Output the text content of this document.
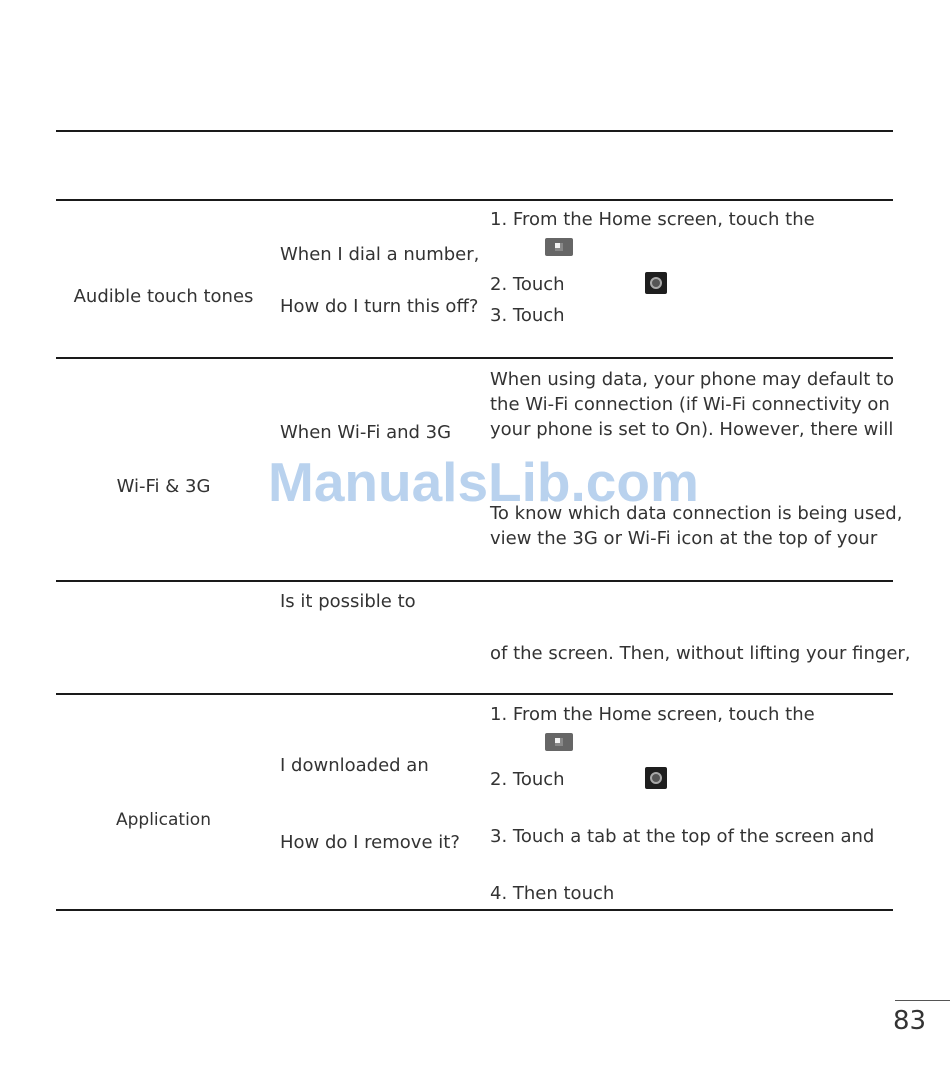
Audible touch tones
When I dial a number,
How do I turn this off?
1. From the Home screen, touch the
2. Touch
3. Touch
Wi-Fi & 3G
When Wi-Fi and 3G
When using data, your phone may default to
the Wi-Fi connection (if Wi-Fi connectivity on
your phone is set to On). However, there will
To know which data connection is being used,
view the 3G or Wi-Fi icon at the top of your
Is it possible to
of the screen. Then, without lifting your finger,
Application
I downloaded an
How do I remove it?
1. From the Home screen, touch the
2. Touch
3. Touch a tab at the top of the screen and
4. Then touch
ManualsLib.com
83
